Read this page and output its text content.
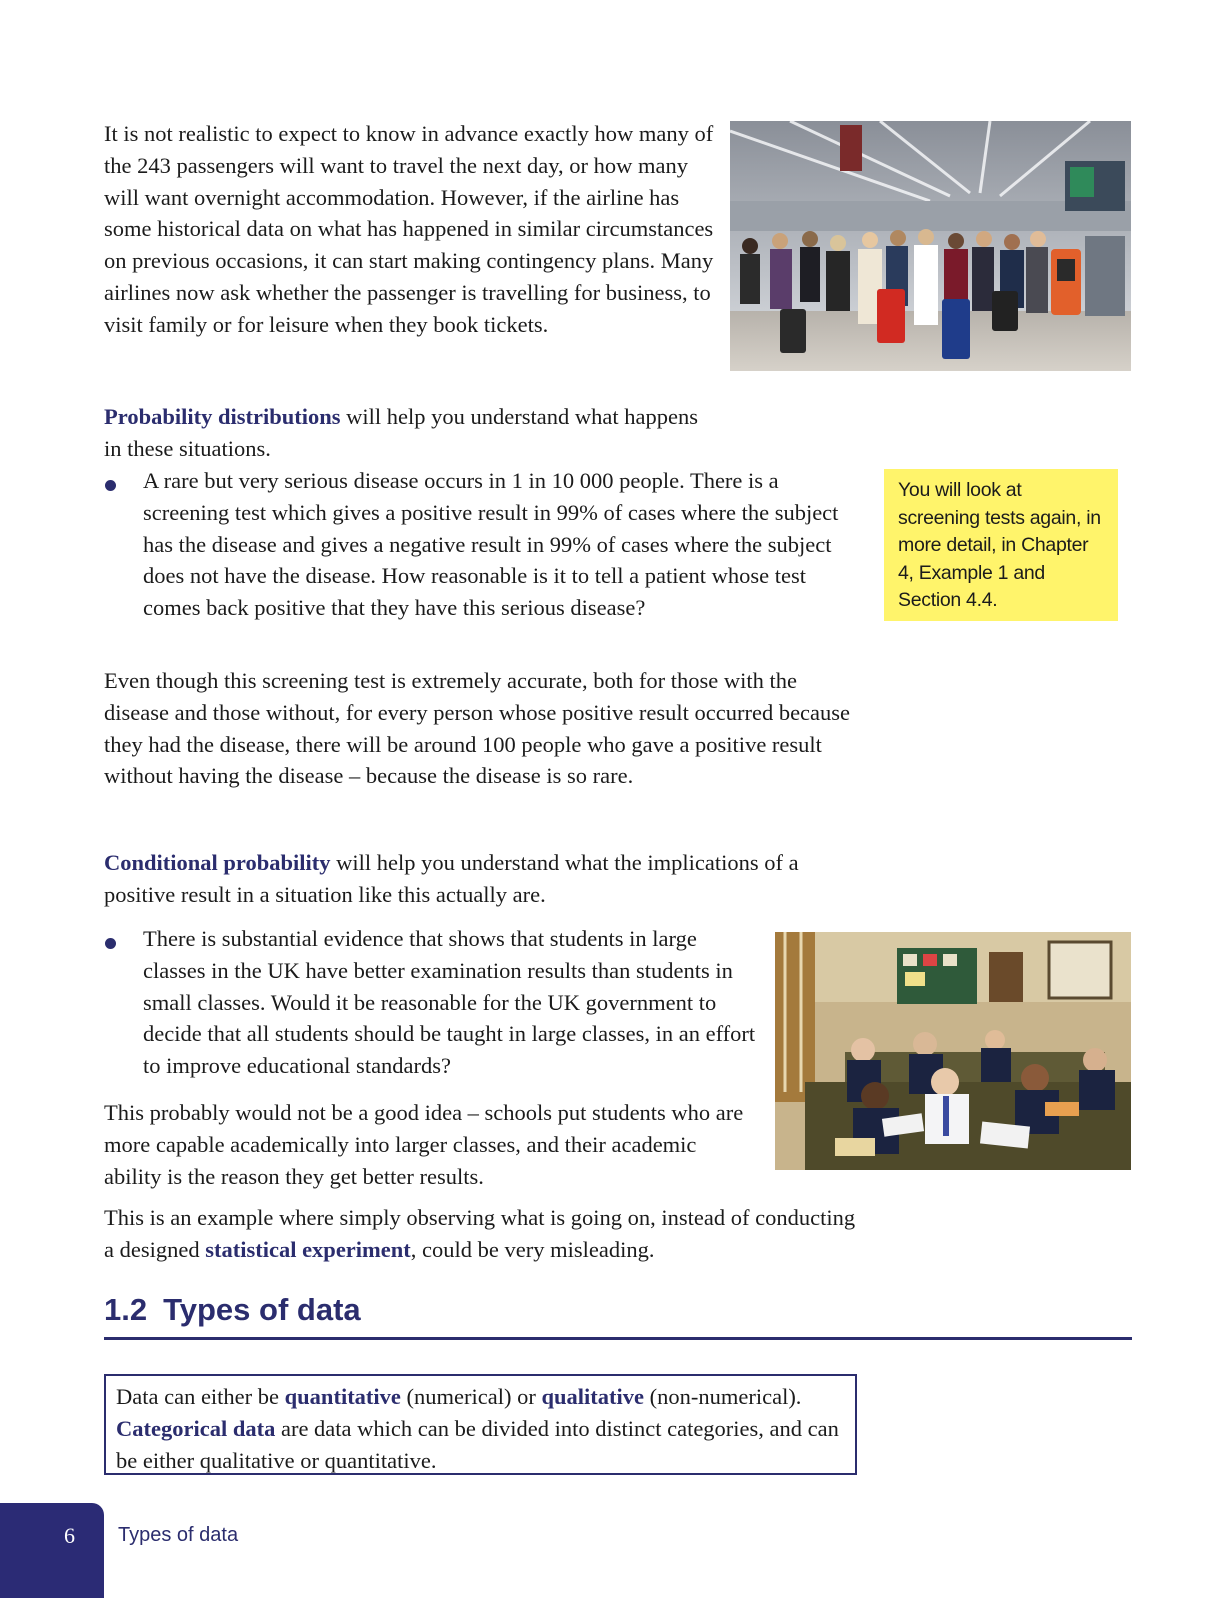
It is not realistic to expect to know in advance exactly how many of the 243 passengers will want to travel the next day, or how many will want overnight accommodation. However, if the airline has some historical data on what has happened in similar circumstances on previous occasions, it can start making contingency plans. Many airlines now ask whether the passenger is travelling for business, to visit family or for leisure when they book tickets.

Probability distributions will help you understand what happens in these situations.

A rare but very serious disease occurs in 1 in 10 000 people. There is a screening test which gives a positive result in 99% of cases where the subject has the disease and gives a negative result in 99% of cases where the subject does not have the disease. How reasonable is it to tell a patient whose test comes back positive that they have this serious disease?

You will look at screening tests again, in more detail, in Chapter 4, Example 1 and Section 4.4.

Even though this screening test is extremely accurate, both for those with the disease and those without, for every person whose positive result occurred because they had the disease, there will be around 100 people who gave a positive result without having the disease – because the disease is so rare.

Conditional probability will help you understand what the implications of a positive result in a situation like this actually are.

There is substantial evidence that shows that students in large classes in the UK have better examination results than students in small classes. Would it be reasonable for the UK government to decide that all students should be taught in large classes, in an effort to improve educational standards?

This probably would not be a good idea – schools put students who are more capable academically into larger classes, and their academic ability is the reason they get better results.

This is an example where simply observing what is going on, instead of conducting a designed statistical experiment, could be very misleading.

1.2 Types of data
Data can either be quantitative (numerical) or qualitative (non-numerical).
Categorical data are data which can be divided into distinct categories, and can be either qualitative or quantitative.
6 Types of data
